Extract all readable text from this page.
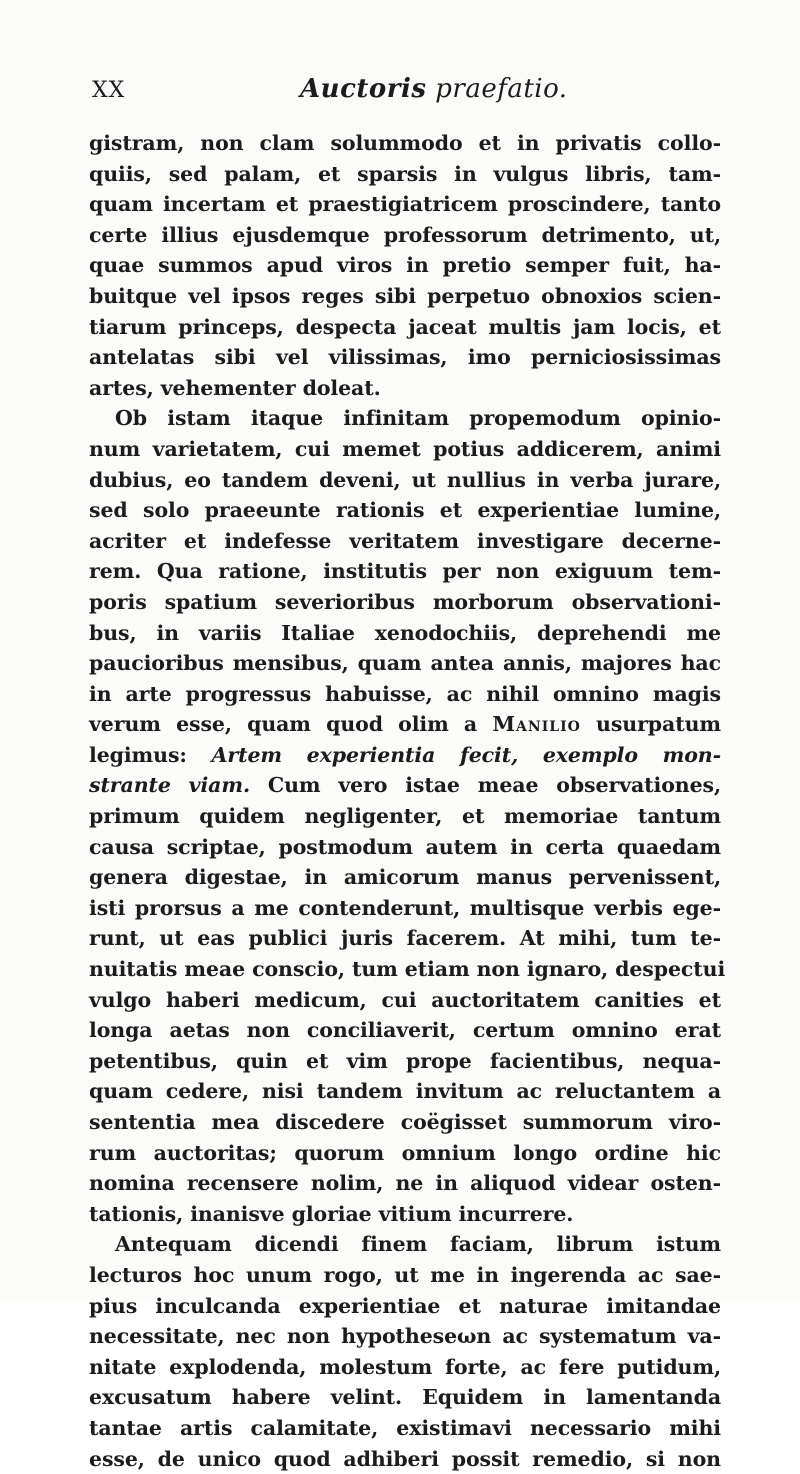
XX	Auctoris praefatio.
gistram, non clam solummodo et in privatis collo-
quiis, sed palam, et sparsis in vulgus libris, tam-
quam incertam et praestigiatricem proscindere, tanto
certe illius ejusdemque professorum detrimento, ut,
quae summos apud viros in pretio semper fuit, ha-
buitque vel ipsos reges sibi perpetuo obnoxios scien-
tiarum princeps, despecta jaceat multis jam locis, et
antelatas sibi vel vilissimas, imo perniciosissimas
artes, vehementer doleat.
Ob istam itaque infinitam propemodum opinio-
num varietatem, cui memet potius addicerem, animi
dubius, eo tandem deveni, ut nullius in verba jurare,
sed solo praeeunte rationis et experientiae lumine,
acriter et indefesse veritatem investigare decerne-
rem. Qua ratione, institutis per non exiguum tem-
poris spatium severioribus morborum observationi-
bus, in variis Italiae xenodochiis, deprehendi me
paucioribus mensibus, quam antea annis, majores hac
in arte progressus habuisse, ac nihil omnino magis
verum esse, quam quod olim a Manilio usurpatum
legimus: Artem experientia fecit, exemplo mon-
strante viam. Cum vero istae meae observationes,
primum quidem negligenter, et memoriae tantum
causa scriptae, postmodum autem in certa quaedam
genera digestae, in amicorum manus pervenissent,
isti prorsus a me contenderunt, multisque verbis ege-
runt, ut eas publici juris facerem. At mihi, tum te-
nuitatis meae conscio, tum etiam non ignaro, despectui
vulgo haberi medicum, cui auctoritatem canities et
longa aetas non conciliaverit, certum omnino erat
petentibus, quin et vim prope facientibus, nequa-
quam cedere, nisi tandem invitum ac reluctantem a
sententia mea discedere coëgisset summorum viro-
rum auctoritas; quorum omnium longo ordine hic
nomina recensere nolim, ne in aliquod videar osten-
tationis, inanisve gloriae vitium incurrere.
Antequam dicendi finem faciam, librum istum
lecturos hoc unum rogo, ut me in ingerenda ac sae-
pius inculcanda experientiae et naturae imitandae
necessitate, nec non hypotheseωn ac systematum va-
nitate explodenda, molestum forte, ac fere putidum,
excusatum habere velint. Equidem in lamentanda
tantae artis calamitate, existimavi necessario mihi
esse, de unico quod adhiberi possit remedio, si non
